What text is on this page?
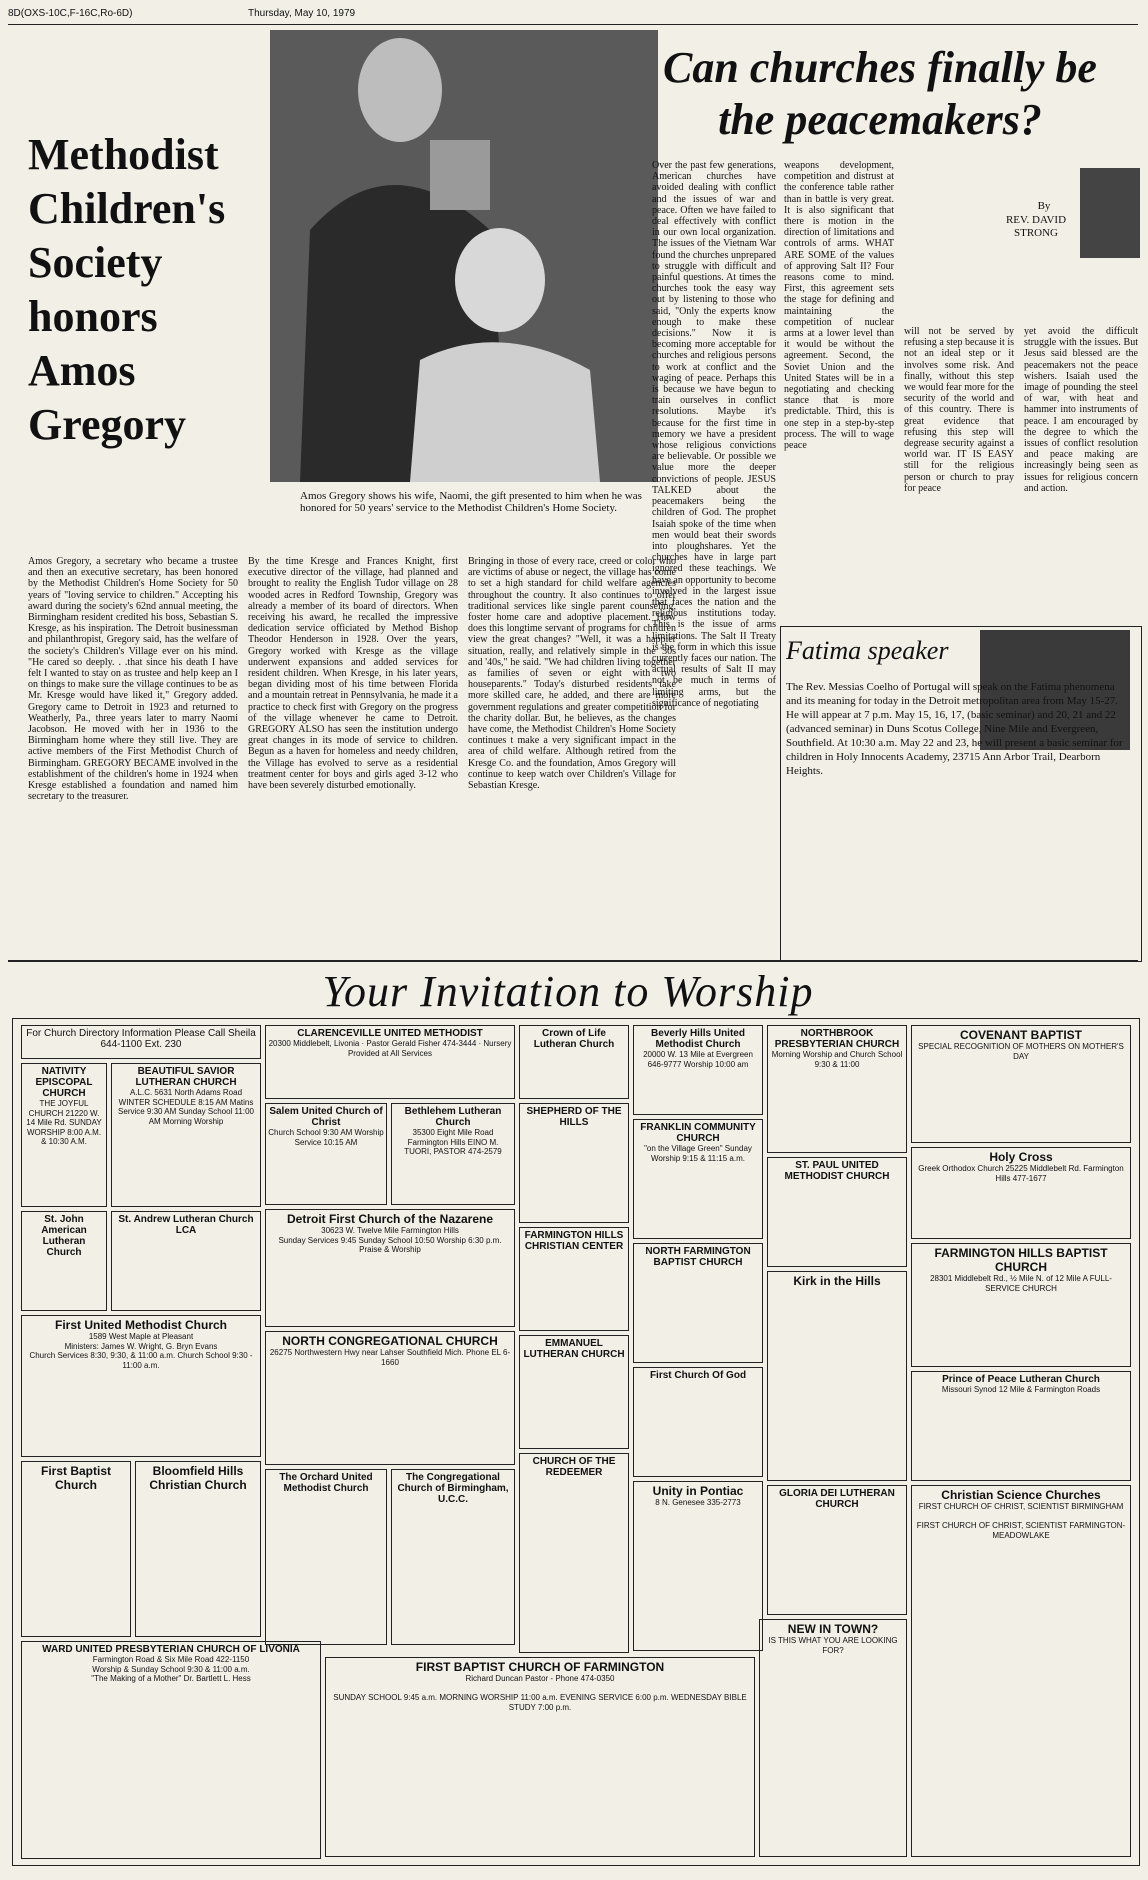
8D(OXS-10C,F-16C,Ro-6D)	Thursday, May 10, 1979
Methodist Children's Society honors Amos Gregory
Amos Gregory shows his wife, Naomi, the gift presented to him when he was honored for 50 years' service to the Methodist Children's Home Society.
Amos Gregory, a secretary who became a trustee and then an executive secretary, has been honored by the Methodist Children's Home Society for 50 years of "loving service to children." Accepting his award during the society's 62nd annual meeting, the Birmingham resident credited his boss, Sebastian S. Kresge, as his inspiration. The Detroit businessman and philanthropist, Gregory said, has the welfare of the society's Children's Village ever on his mind. "He cared so deeply. . .that since his death I have felt I wanted to stay on as trustee and help keep an I on things to make sure the village continues to be as Mr. Kresge would have liked it," Gregory added. Gregory came to Detroit in 1923 and returned to Weatherly, Pa., three years later to marry Naomi Jacobson. He moved with her in 1936 to the Birmingham home where they still live. They are active members of the First Methodist Church of Birmingham. GREGORY BECAME involved in the establishment of the children's home in 1924 when Kresge established a foundation and named him secretary to the treasurer.
By the time Kresge and Frances Knight, first executive director of the village, had planned and brought to reality the English Tudor village on 28 wooded acres in Redford Township, Gregory was already a member of its board of directors. When receiving his award, he recalled the impressive dedication service officiated by Method Bishop Theodor Henderson in 1928. Over the years, Gregory worked with Kresge as the village underwent expansions and added services for resident children. When Kresge, in his later years, began dividing most of his time between Florida and a mountain retreat in Pennsylvania, he made it a practice to check first with Gregory on the progress of the village whenever he came to Detroit. GREGORY ALSO has seen the institution undergo great changes in its mode of service to children. Begun as a haven for homeless and needy children, the Village has evolved to serve as a residential treatment center for boys and girls aged 3-12 who have been severely disturbed emotionally.
Bringing in those of every race, creed or color who are victims of abuse or negect, the village has come to set a high standard for child welfare agencies throughout the country. It also continues to offer traditional services like single parent counseling, foster home care and adoptive placement. How does this longtime servant of programs for children view the great changes? "Well, it was a happier situation, really, and relatively simple in the '30s and '40s," he said. "We had children living together as families of seven or eight with two houseparents." Today's disturbed residents take more skilled care, he added, and there are more government regulations and greater competition for the charity dollar. But, he believes, as the changes have come, the Methodist Children's Home Society continues t make a very significant impact in the area of child welfare. Although retired from the Kresge Co. and the foundation, Amos Gregory will continue to keep watch over Children's Village for Sebastian Kresge.
Can churches finally be the peacemakers?
By
REV. DAVID STRONG
Over the past few generations, American churches have avoided dealing with conflict and the issues of war and peace. Often we have failed to deal effectively with conflict in our own local organization. The issues of the Vietnam War found the churches unprepared to struggle with difficult and painful questions. At times the churches took the easy way out by listening to those who said, "Only the experts know enough to make these decisions." Now it is becoming more acceptable for churches and religious persons to work at conflict and the waging of peace. Perhaps this is because we have begun to train ourselves in conflict resolutions. Maybe it's because for the first time in memory we have a president whose religious convictions are believable. Or possible we value more the deeper convictions of people. JESUS TALKED about the peacemakers being the children of God. The prophet Isaiah spoke of the time when men would beat their swords into ploughshares. Yet the churches have in large part ignored these teachings. We have an opportunity to become involved in the largest issue that faces the nation and the religious institutions today. This is the issue of arms limitations. The Salt II Treaty is the form in which this issue currently faces our nation. The actual results of Salt II may not be much in terms of limiting arms, but the significance of negotiating
weapons development, competition and distrust at the conference table rather than in battle is very great. It is also significant that there is motion in the direction of limitations and controls of arms. WHAT ARE SOME of the values of approving Salt II? Four reasons come to mind. First, this agreement sets the stage for defining and maintaining the competition of nuclear arms at a lower level than it would be without the agreement. Second, the Soviet Union and the United States will be in a negotiating and checking stance that is more predictable. Third, this is one step in a step-by-step process. The will to wage peace
will not be served by refusing a step because it is not an ideal step or it involves some risk. And finally, without this step we would fear more for the security of the world and of this country. There is great evidence that refusing this step will degrease security against a world war. IT IS EASY still for the religious person or church to pray for peace
yet avoid the difficult struggle with the issues. But Jesus said blessed are the peacemakers not the peace wishers. Isaiah used the image of pounding the steel of war, with heat and hammer into instruments of peace. I am encouraged by the degree to which the issues of conflict resolution and peace making are increasingly being seen as issues for religious concern and action.
Fatima speaker
The Rev. Messias Coelho of Portugal will speak on the Fatima phenomena and its meaning for today in the Detroit metropolitan area from May 15-27. He will appear at 7 p.m. May 15, 16, 17, (basic seminar) and 20, 21 and 22 (advanced seminar) in Duns Scotus College, Nine Mile and Evergreen, Southfield. At 10:30 a.m. May 22 and 23, he will present a basic seminar for children in Holy Innocents Academy, 23715 Ann Arbor Trail, Dearborn Heights.
Your Invitation to Worship
For Church Directory Information Please Call Sheila 644-1100 Ext. 230
NATIVITY EPISCOPAL CHURCH
THE JOYFUL CHURCH 21220 W. 14 Mile Rd. SUNDAY WORSHIP 8:00 A.M. & 10:30 A.M.
BEAUTIFUL SAVIOR LUTHERAN CHURCH
A.L.C. 5631 North Adams Road WINTER SCHEDULE 8:15 AM Matins Service 9:30 AM Sunday School 11:00 AM Morning Worship
CLARENCEVILLE UNITED METHODIST
20300 Middlebelt, Livonia · Pastor Gerald Fisher 474-3444 · Nursery Provided at All Services
Salem United Church of Christ
Church School 9:30 AM Worship Service 10:15 AM
Bethlehem Lutheran Church
35300 Eight Mile Road Farmington Hills EINO M. TUORI, PASTOR 474-2579
Crown of Life Lutheran Church
SHEPHERD OF THE HILLS
Beverly Hills United Methodist Church
20000 W. 13 Mile at Evergreen 646-9777 Worship 10:00 am
FRANKLIN COMMUNITY CHURCH
"on the Village Green" Sunday Worship 9:15 & 11:15 a.m.
NORTHBROOK PRESBYTERIAN CHURCH
Morning Worship and Church School 9:30 & 11:00
ST. PAUL UNITED METHODIST CHURCH
COVENANT BAPTIST
SPECIAL RECOGNITION OF MOTHERS ON MOTHER'S DAY
Holy Cross
Greek Orthodox Church 25225 Middlebelt Rd. Farmington Hills 477-1677
St. John American Lutheran Church
St. Andrew Lutheran Church LCA
Detroit First Church of the Nazarene
30623 W. Twelve Mile Farmington Hills
Sunday Services 9:45 Sunday School 10:50 Worship 6:30 p.m. Praise & Worship
FARMINGTON HILLS CHRISTIAN CENTER	NORTH FARMINGTON BAPTIST CHURCH
FARMINGTON HILLS BAPTIST CHURCH
28301 Middlebelt Rd., ½ Mile N. of 12 Mile A FULL-SERVICE CHURCH
First United Methodist Church
1589 West Maple at Pleasant
Ministers: James W. Wright, G. Bryn Evans
Church Services 8:30, 9:30, & 11:00 a.m. Church School 9:30 - 11:00 a.m.
NORTH CONGREGATIONAL CHURCH
26275 Northwestern Hwy near Lahser Southfield Mich. Phone EL 6-1660
EMMANUEL LUTHERAN CHURCH
First Church Of God
Kirk in the Hills
Prince of Peace Lutheran Church
Missouri Synod 12 Mile & Farmington Roads
First Baptist Church
Bloomfield Hills Christian Church
The Orchard United Methodist Church
The Congregational Church of Birmingham, U.C.C.
CHURCH OF THE REDEEMER
Unity in Pontiac
8 N. Genesee 335-2773
GLORIA DEI LUTHERAN CHURCH
Christian Science Churches
FIRST CHURCH OF CHRIST, SCIENTIST BIRMINGHAM

FIRST CHURCH OF CHRIST, SCIENTIST FARMINGTON-MEADOWLAKE
WARD UNITED PRESBYTERIAN CHURCH OF LIVONIA
Farmington Road & Six Mile Road 422-1150
Worship & Sunday School 9:30 & 11:00 a.m.
"The Making of a Mother" Dr. Bartlett L. Hess
FIRST BAPTIST CHURCH OF FARMINGTON
Richard Duncan Pastor - Phone 474-0350

SUNDAY SCHOOL 9:45 a.m. MORNING WORSHIP 11:00 a.m. EVENING SERVICE 6:00 p.m. WEDNESDAY BIBLE STUDY 7:00 p.m.
NEW IN TOWN?
IS THIS WHAT YOU ARE LOOKING FOR?
